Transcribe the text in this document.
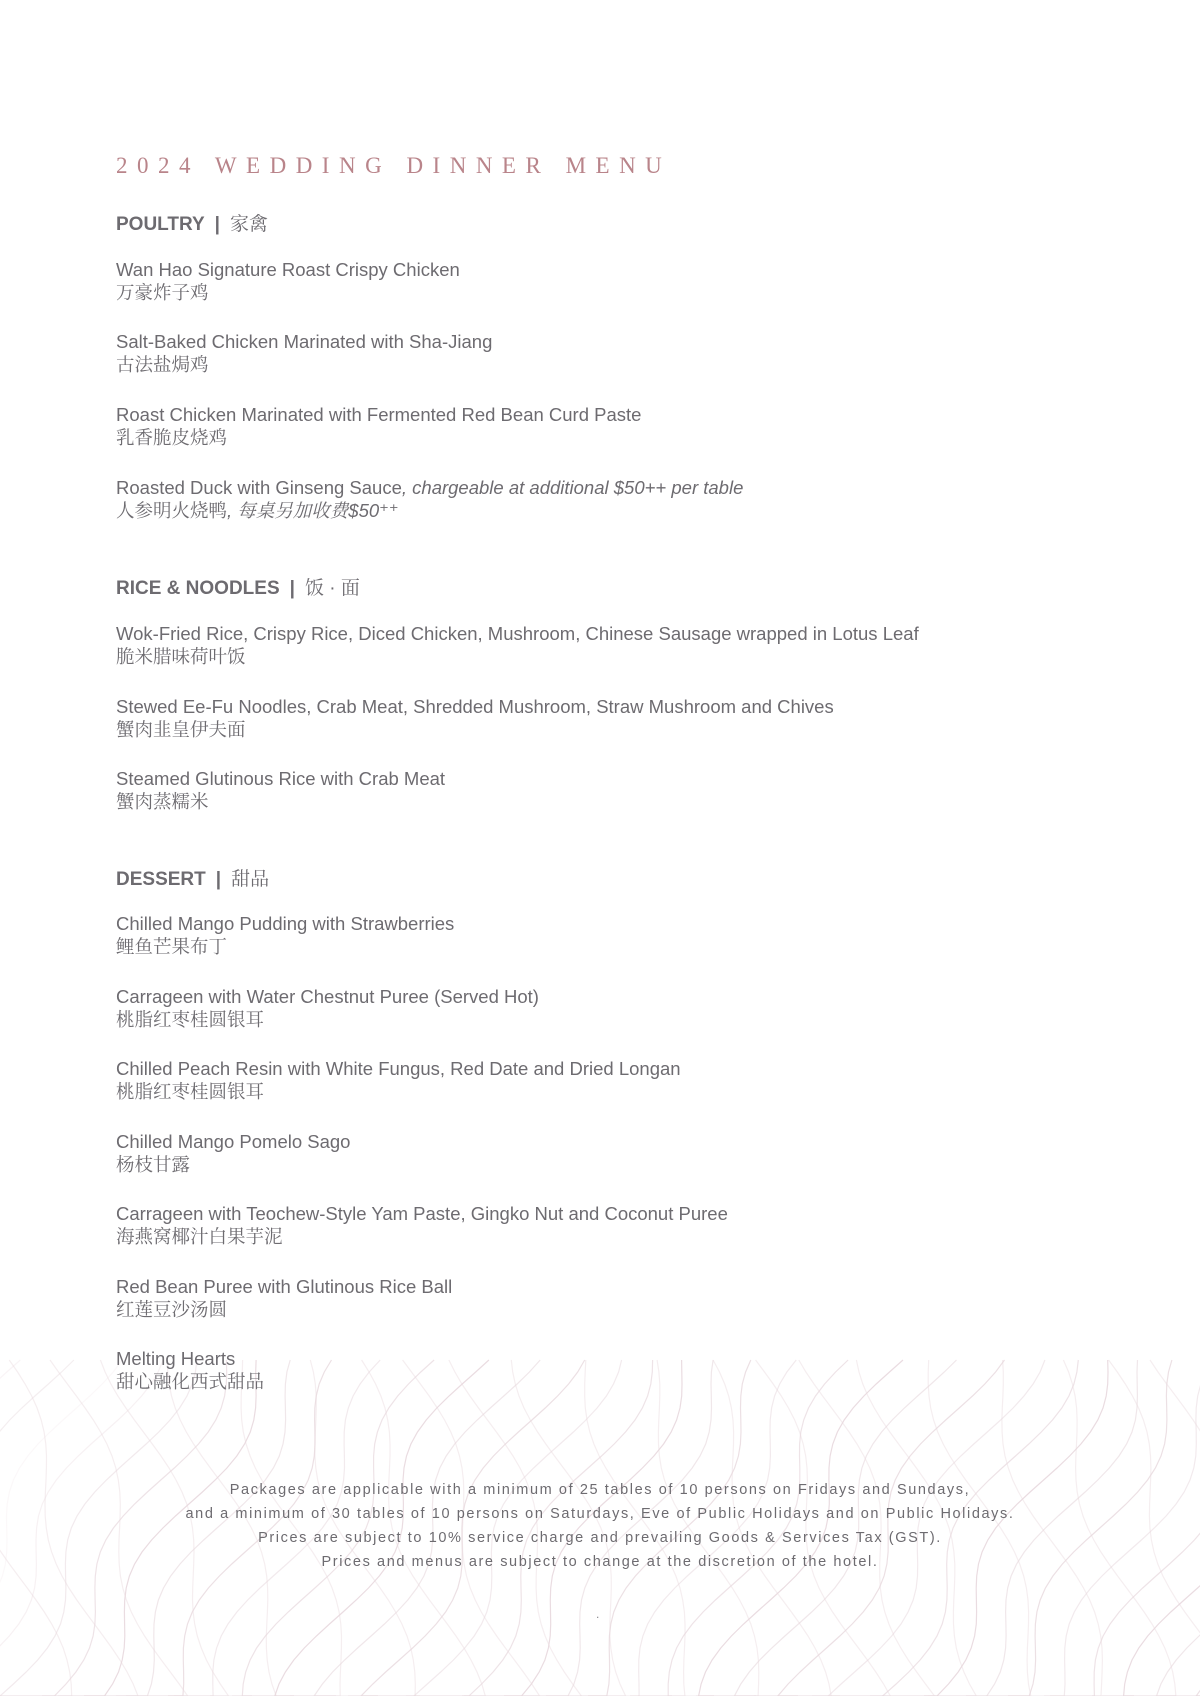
2024 WEDDING DINNER MENU
POULTRY | 家禽
Wan Hao Signature Roast Crispy Chicken
万豪炸子鸡
Salt-Baked Chicken Marinated with Sha-Jiang
古法盐焗鸡
Roast Chicken Marinated with Fermented Red Bean Curd Paste
乳香脆皮烧鸡
Roasted Duck with Ginseng Sauce, chargeable at additional $50++ per table
人参明火烧鸭, 每桌另加收费$50⁺⁺
RICE & NOODLES | 饭 · 面
Wok-Fried Rice, Crispy Rice, Diced Chicken, Mushroom, Chinese Sausage wrapped in Lotus Leaf
脆米腊味荷叶饭
Stewed Ee-Fu Noodles, Crab Meat, Shredded Mushroom, Straw Mushroom and Chives
蟹肉韭皇伊夫面
Steamed Glutinous Rice with Crab Meat
蟹肉蒸糯米
DESSERT | 甜品
Chilled Mango Pudding with Strawberries
鲤鱼芒果布丁
Carrageen with Water Chestnut Puree (Served Hot)
桃脂红枣桂圆银耳
Chilled Peach Resin with White Fungus, Red Date and Dried Longan
桃脂红枣桂圆银耳
Chilled Mango Pomelo Sago
杨枝甘露
Carrageen with Teochew-Style Yam Paste, Gingko Nut and Coconut Puree
海燕窝椰汁白果芋泥
Red Bean Puree with Glutinous Rice Ball
红莲豆沙汤圆
Melting Hearts
甜心融化西式甜品
Packages are applicable with a minimum of 25 tables of 10 persons on Fridays and Sundays,
and a minimum of 30 tables of 10 persons on Saturdays, Eve of Public Holidays and on Public Holidays.
Prices are subject to 10% service charge and prevailing Goods & Services Tax (GST).
Prices and menus are subject to change at the discretion of the hotel.
.
